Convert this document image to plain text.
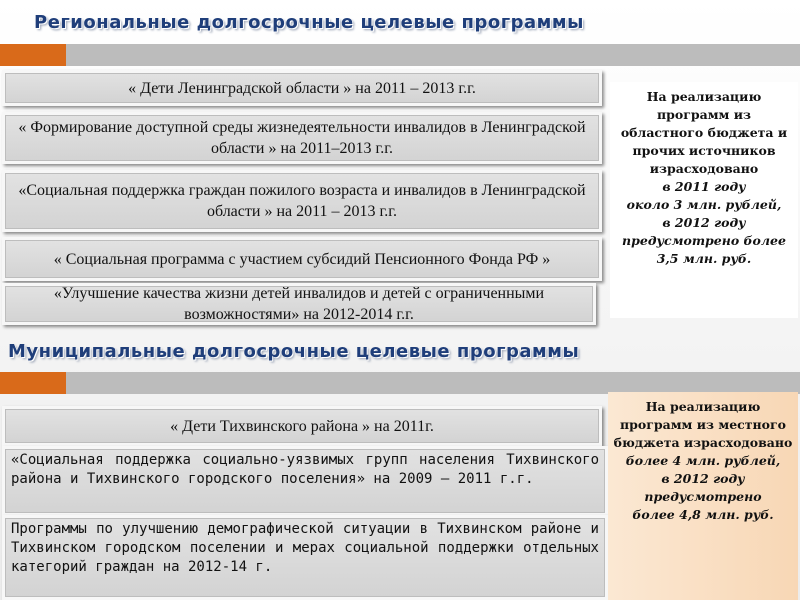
Региональные долгосрочные целевые программы
« Дети Ленинградской области » на 2011 – 2013 г.г.
« Формирование доступной среды жизнедеятельности инвалидов в Ленинградской области » на 2011–2013 г.г.
«Социальная поддержка граждан пожилого возраста и инвалидов в Ленинградской области » на 2011 – 2013 г.г.
« Социальная программа с участием субсидий Пенсионного Фонда РФ »
«Улучшение качества жизни детей инвалидов и детей с ограниченными возможностями» на 2012-2014 г.г.
На реализацию программ из областного бюджета и прочих источников израсходовано
в 2011 году
около 3 млн. рублей,
в 2012 году
предусмотрено более
3,5 млн. руб.
Муниципальные долгосрочные целевые программы
« Дети Тихвинского района » на 2011г.
«Социальная поддержка социально-уязвимых групп населения Тихвинского района и Тихвинского городского поселения» на 2009 – 2011 г.г.
Программы по улучшению демографической ситуации в Тихвинском районе и Тихвинском городском поселении и мерах социальной поддержки отдельных категорий граждан на 2012-14 г.
На реализацию программ из местного бюджета израсходовано
более 4 млн. рублей,
в 2012 году
предусмотрено
более 4,8 млн. руб.
